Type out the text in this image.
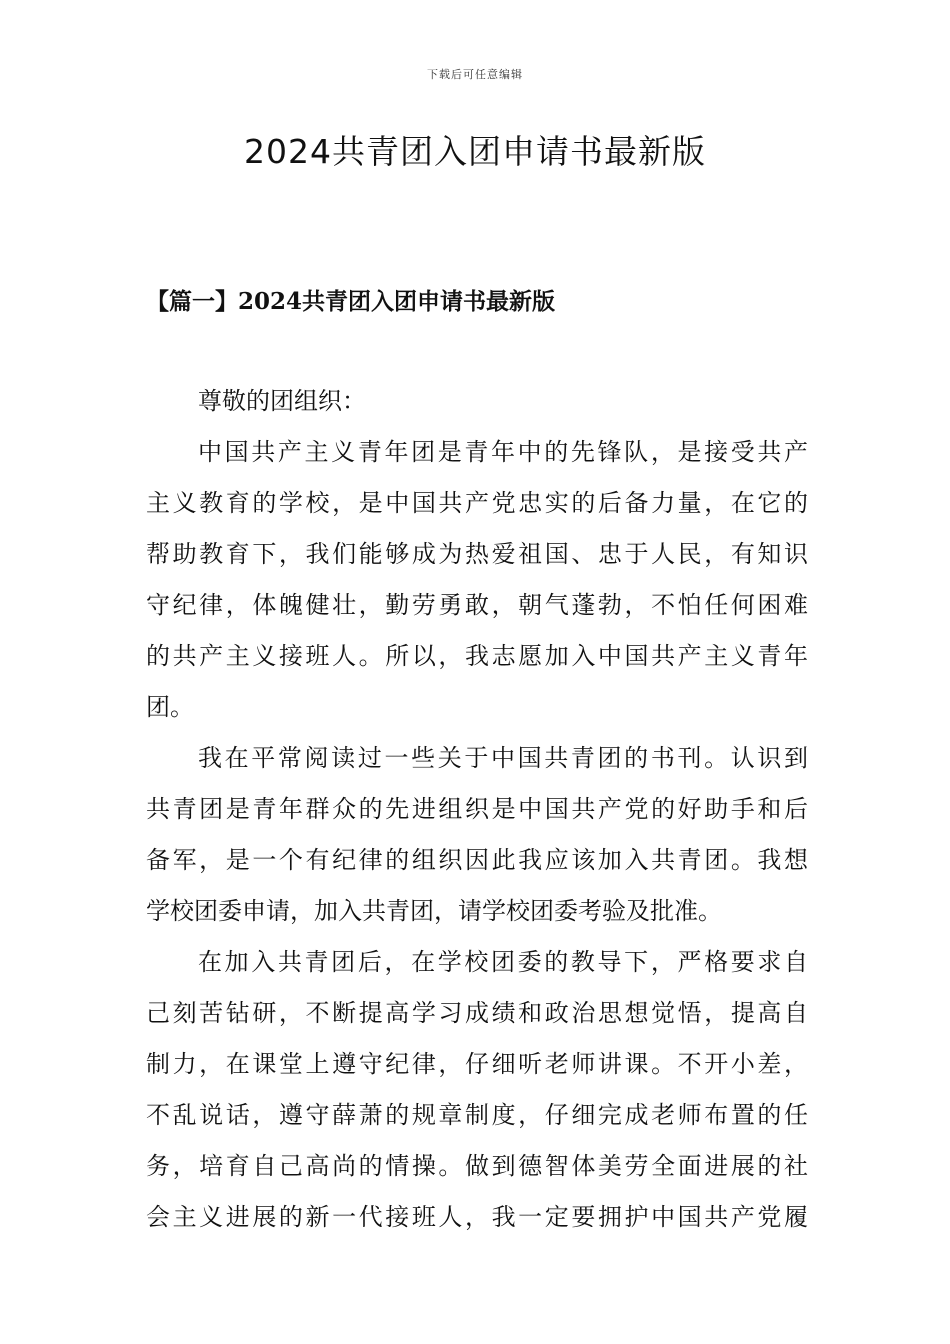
下载后可任意编辑
2024共青团入团申请书最新版
【篇一】2024共青团入团申请书最新版
尊敬的团组织：
中国共产主义青年团是青年中的先锋队，是接受共产
主义教育的学校，是中国共产党忠实的后备力量，在它的
帮助教育下，我们能够成为热爱祖国、忠于人民，有知识
守纪律，体魄健壮，勤劳勇敢，朝气蓬勃，不怕任何困难
的共产主义接班人。所以，我志愿加入中国共产主义青年
团。
我在平常阅读过一些关于中国共青团的书刊。认识到
共青团是青年群众的先进组织是中国共产党的好助手和后
备军，是一个有纪律的组织因此我应该加入共青团。我想
学校团委申请，加入共青团，请学校团委考验及批准。
在加入共青团后，在学校团委的教导下，严格要求自
己刻苦钻研，不断提高学习成绩和政治思想觉悟，提高自
制力，在课堂上遵守纪律，仔细听老师讲课。不开小差，
不乱说话，遵守薛萧的规章制度，仔细完成老师布置的任
务，培育自己高尚的情操。做到德智体美劳全面进展的社
会主义进展的新一代接班人，我一定要拥护中国共产党履
